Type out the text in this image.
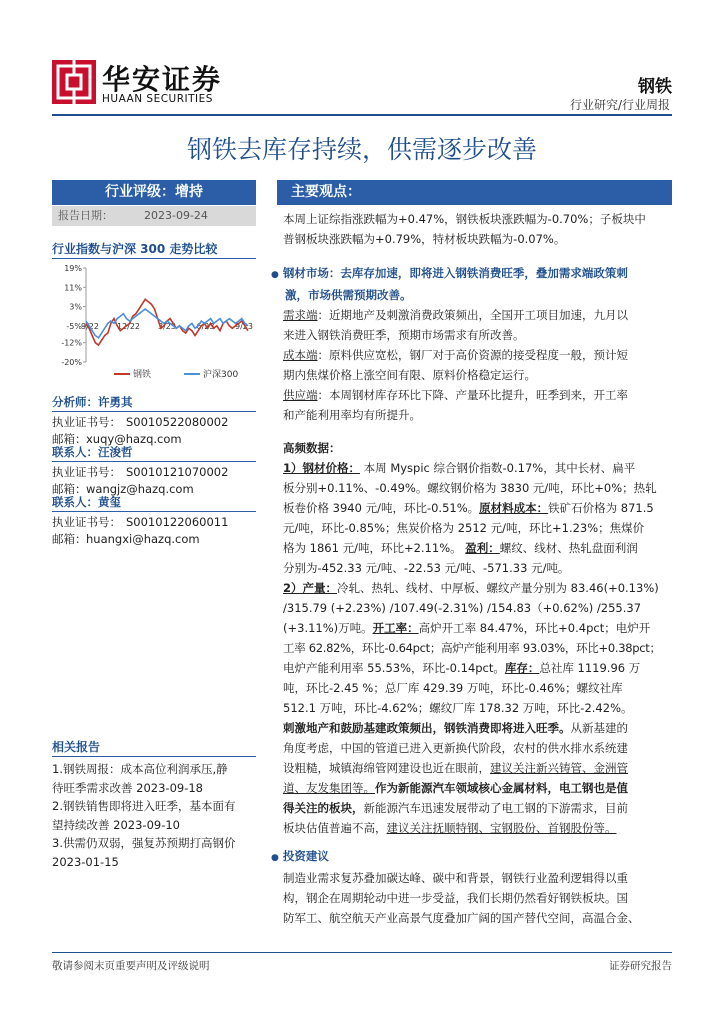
华安证券
HUAAN SECURITIES
钢铁
行业研究/行业周报
钢铁去库存持续，供需逐步改善
行业评级：增持
报告日期：	2023-09-24
行业指数与沪深 300 走势比较
19%
11%
3%
-5%
-12%
-20%
9/22 12/22 3/23	6/23	9/23
钢铁	沪深300
分析师：许勇其
执业证书号： S0010522080002
邮箱： xuqy@hazq.com
联系人：汪浚哲
执业证书号： S0010121070002
邮箱： wangjz@hazq.com
联系人：黄玺
执业证书号： S0010122060011
邮箱： huangxi@hazq.com
相关报告
1.钢铁周报：成本高位利润承压,静
待旺季需求改善 2023-09-18
2.钢铁销售即将进入旺季，基本面有
望持续改善 2023-09-10
3.供需仍双弱，强复苏预期打高钢价
2023-01-15
主要观点：

本周上证综指涨跌幅为+0.47%，钢铁板块涨跌幅为-0.70%；子板块中

普钢板块涨跌幅为+0.79%，特材板块跌幅为-0.07%。

● 钢材市场：去库存加速，即将进入钢铁消费旺季，叠加需求端政策刺

激，市场供需预期改善。

需求端：近期地产及刺激消费政策频出，全国开工项目加速，九月以

来进入钢铁消费旺季，预期市场需求有所改善。

成本端：原料供应宽松，钢厂对于高价资源的接受程度一般，预计短

期内焦煤价格上涨空间有限、原料价格稳定运行。

供应端：本周钢材库存环比下降、产量环比提升，旺季到来，开工率

和产能利用率均有所提升。

高频数据：

1）钢材价格： 本周 Myspic 综合钢价指数-0.17%，其中长材、扁平

板分别+0.11%、-0.49%。螺纹钢价格为 3830 元/吨，环比+0%；热轧

板卷价格 3940 元/吨，环比-0.51%。原材料成本：铁矿石价格为 871.5

元/吨，环比-0.85%；焦炭价格为 2512 元/吨，环比+1.23%；焦煤价

格为 1861 元/吨，环比+2.11%。 盈利：螺纹、线材、热轧盘面利润

分别为-452.33 元/吨、-22.53 元/吨、-571.33 元/吨。

2）产量：冷轧、热轧、线材、中厚板、螺纹产量分别为 83.46(+0.13%)

/315.79 (+2.23%) /107.49(-2.31%) /154.83（+0.62%) /255.37

(+3.11%)万吨。开工率：高炉开工率 84.47%，环比+0.4pct；电炉开

工率 62.82%，环比-0.64pct；高炉产能利用率 93.03%，环比+0.38pct；

电炉产能利用率 55.53%，环比-0.14pct。库存：总社库 1119.96 万

吨，环比-2.45 %；总厂库 429.39 万吨，环比-0.46%；螺纹社库

512.1 万吨，环比-4.62%；螺纹厂库 178.32 万吨，环比-2.42%。

刺激地产和鼓励基建政策频出，钢铁消费即将进入旺季。从新基建的

角度考虑，中国的管道已进入更新换代阶段，农村的供水排水系统建

设粗糙，城镇海绵管网建设也近在眼前，建议关注新兴铸管、金洲管

道、友发集团等。作为新能源汽车领域核心金属材料，电工钢也是值

得关注的板块，新能源汽车迅速发展带动了电工钢的下游需求，目前

板块估值普遍不高，建议关注抚顺特钢、宝钢股份、首钢股份等。

● 投资建议

制造业需求复苏叠加碳达峰、碳中和背景，钢铁行业盈利逻辑得以重

构，钢企在周期轮动中进一步受益，我们长期仍然看好钢铁板块。国

防军工、航空航天产业高景气度叠加广阔的国产替代空间，高温合金、

敬请参阅末页重要声明及评级说明	证券研究报告
